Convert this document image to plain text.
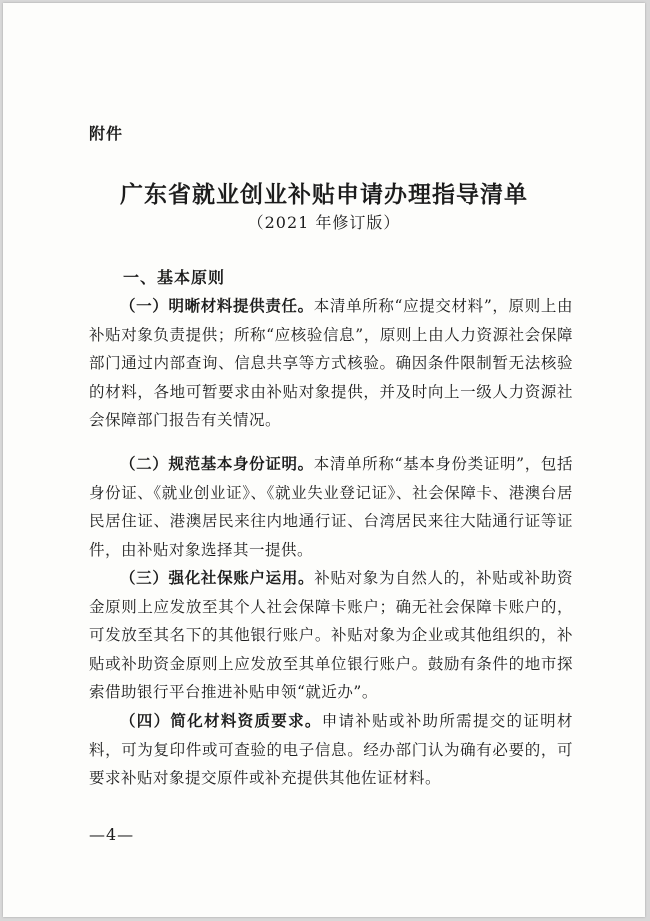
附件
广东省就业创业补贴申请办理指导清单
（2021 年修订版）
一、基本原则

（一）明晰材料提供责任。本清单所称“应提交材料”，原则上由补贴对象负责提供；所称“应核验信息”，原则上由人力资源社会保障部门通过内部查询、信息共享等方式核验。确因条件限制暂无法核验的材料，各地可暂要求由补贴对象提供，并及时向上一级人力资源社会保障部门报告有关情况。

（二）规范基本身份证明。本清单所称“基本身份类证明”，包括身份证、《就业创业证》、《就业失业登记证》、社会保障卡、港澳台居民居住证、港澳居民来往内地通行证、台湾居民来往大陆通行证等证件，由补贴对象选择其一提供。

（三）强化社保账户运用。补贴对象为自然人的，补贴或补助资金原则上应发放至其个人社会保障卡账户；确无社会保障卡账户的，可发放至其名下的其他银行账户。补贴对象为企业或其他组织的，补贴或补助资金原则上应发放至其单位银行账户。鼓励有条件的地市探索借助银行平台推进补贴申领“就近办”。

（四）简化材料资质要求。申请补贴或补助所需提交的证明材料，可为复印件或可查验的电子信息。经办部门认为确有必要的，可要求补贴对象提交原件或补充提供其他佐证材料。

—4—
